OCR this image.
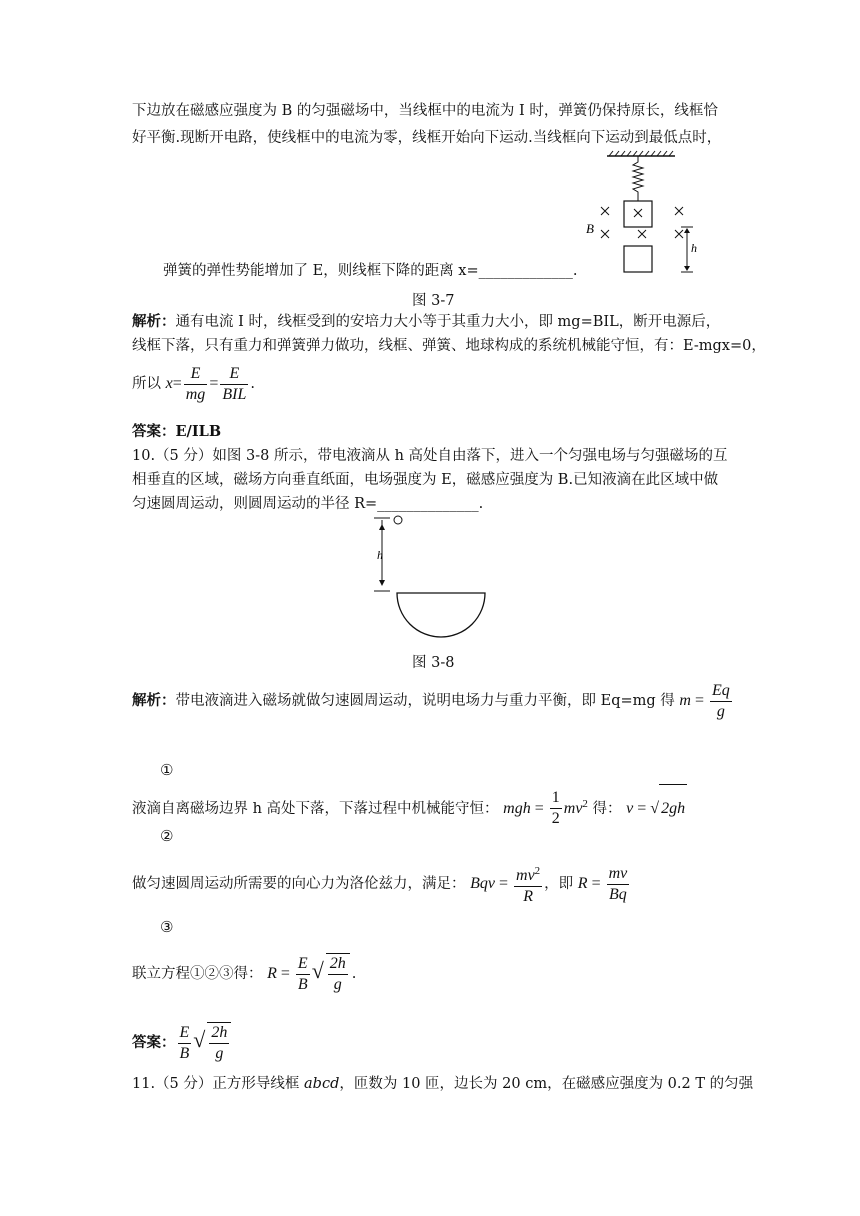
下边放在磁感应强度为 B 的匀强磁场中，当线框中的电流为 I 时，弹簧仍保持原长，线框恰
好平衡.现断开电路，使线框中的电流为零，线框开始向下运动.当线框向下运动到最低点时，
B
h
弹簧的弹性势能增加了 E，则线框下降的距离 x=_____________.
图 3-7
解析：通有电流 I 时，线框受到的安培力大小等于其重力大小，即 mg=BIL，断开电源后，
线框下落，只有重力和弹簧弹力做功，线框、弹簧、地球构成的系统机械能守恒，有：E-mgx=0，
所以 $x= \frac{E}{mg} = \frac{E}{\text{BIL}}$ .
答案：E/ILB
10.（5 分）如图 3-8 所示，带电液滴从 h 高处自由落下，进入一个匀强电场与匀强磁场的互
相垂直的区域，磁场方向垂直纸面，电场强度为 E，磁感应强度为 B.已知液滴在此区域中做
匀速圆周运动，则圆周运动的半径 R=______________.
h
图 3-8
解析：带电液滴进入磁场就做匀速圆周运动，说明电场力与重力平衡，即 Eq=mg 得 $m = \frac{Eq}{g}$
①
液滴自离磁场边界 h 高处下落，下落过程中机械能守恒： mgh = $\frac{1}{2} mv^2$ 得： v = √ 2gh
②
做匀速圆周运动所需要的向心力为洛伦兹力，满足： Bqv = $\frac{mv^2}{R}$ ，即 $R = \frac{mv}{Bq}$
③
联立方程①②③得： $R = \frac{E}{B}$ √ $\frac{2h}{g}$ .
答案： $\frac{E}{B}$ √ $\frac{2h}{g}$
11.（5 分）正方形导线框 abcd，匝数为 10 匝，边长为 20 cm，在磁感应强度为 0.2 T 的匀强
